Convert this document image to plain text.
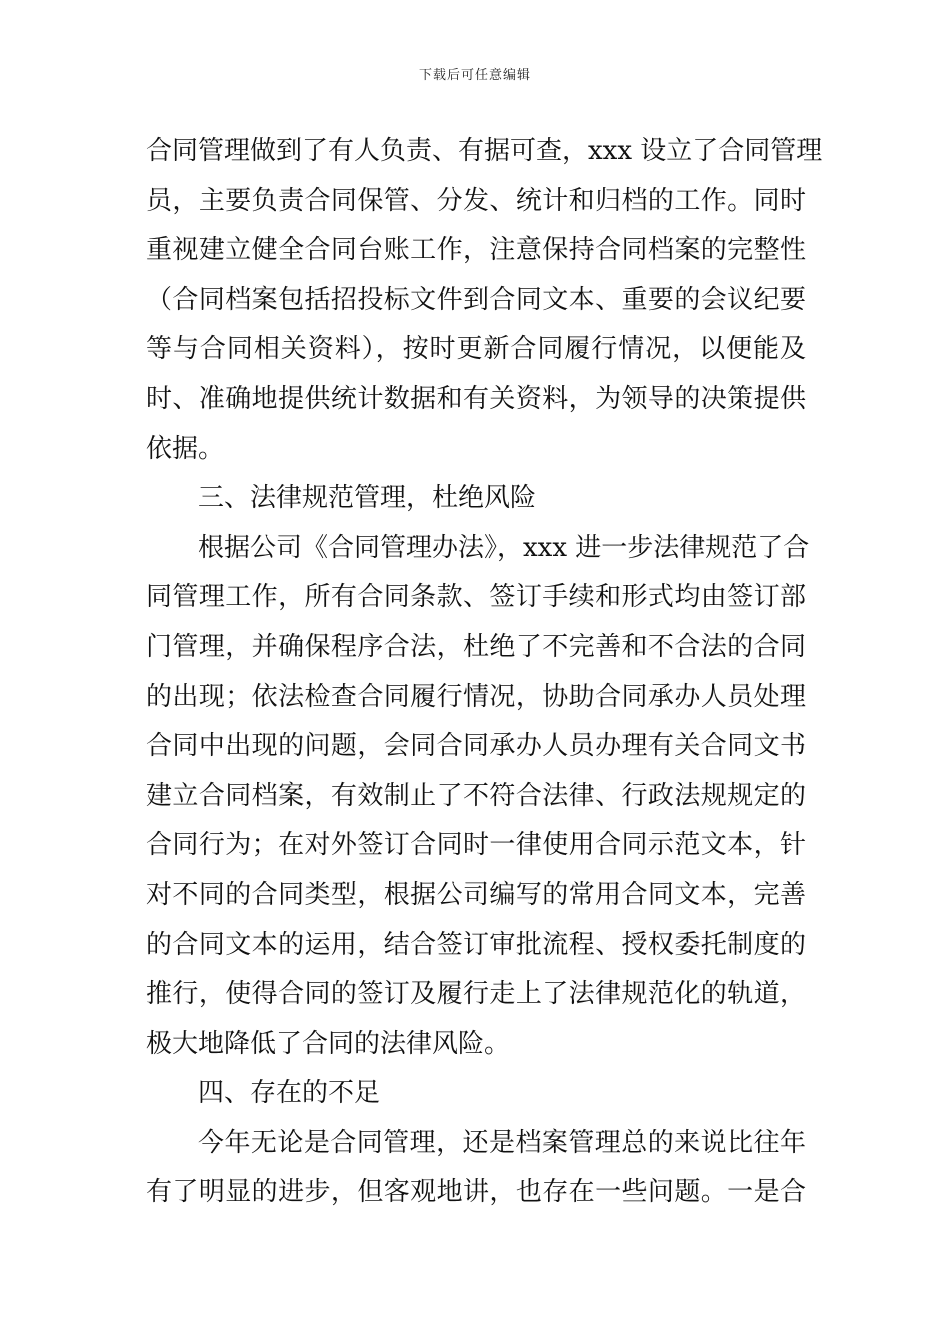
下载后可任意编辑
合同管理做到了有人负责、有据可查，xxx 设立了合同管理
员，主要负责合同保管、分发、统计和归档的工作。同时
重视建立健全合同台账工作，注意保持合同档案的完整性
（合同档案包括招投标文件到合同文本、重要的会议纪要
等与合同相关资料），按时更新合同履行情况，以便能及
时、准确地提供统计数据和有关资料，为领导的决策提供
依据。
三、法律规范管理，杜绝风险
根据公司《合同管理办法》，xxx 进一步法律规范了合
同管理工作，所有合同条款、签订手续和形式均由签订部
门管理，并确保程序合法，杜绝了不完善和不合法的合同
的出现；依法检查合同履行情况，协助合同承办人员处理
合同中出现的问题，会同合同承办人员办理有关合同文书
建立合同档案，有效制止了不符合法律、行政法规规定的
合同行为；在对外签订合同时一律使用合同示范文本，针
对不同的合同类型，根据公司编写的常用合同文本，完善
的合同文本的运用，结合签订审批流程、授权委托制度的
推行，使得合同的签订及履行走上了法律规范化的轨道，
极大地降低了合同的法律风险。
四、存在的不足
今年无论是合同管理，还是档案管理总的来说比往年
有了明显的进步，但客观地讲，也存在一些问题。一是合
